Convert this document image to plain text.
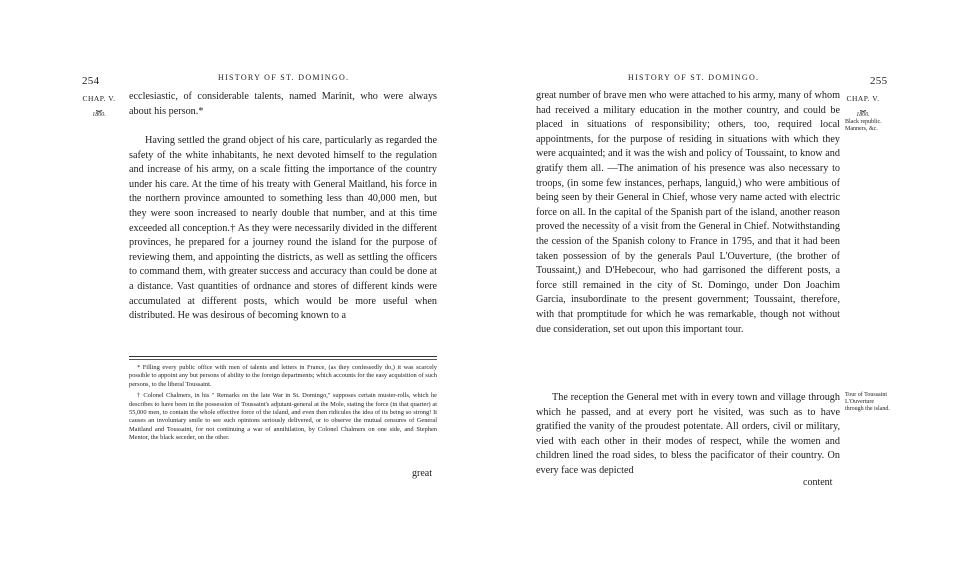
254	HISTORY OF ST. DOMINGO.
CHAP. V.
⏟
1800.

ecclesiastic, of considerable talents, named Marinit, who were always about his person.*

Having settled the grand object of his care, particularly as regarded the safety of the white inhabitants, he next devoted himself to the regulation and increase of his army, on a scale fitting the importance of the country under his care. At the time of his treaty with General Maitland, his force in the northern province amounted to something less than 40,000 men, but they were soon increased to nearly double that number, and at this time exceeded all conception.† As they were necessarily divided in the different provinces, he prepared for a journey round the island for the purpose of reviewing them, and appointing the districts, as well as settling the officers to command them, with greater success and accuracy than could be done at a distance. Vast quantities of ordnance and stores of different kinds were accumulated at different posts, which would be more useful when distributed. He was desirous of becoming known to a

* Filling every public office with men of talents and letters in France, (as they confessedly do,) it was scarcely possible to appoint any but persons of ability to the foreign departments; which accounts for the easy acquisition of such persons, to the liberal Toussaint.

† Colonel Chalmers, in his " Remarks on the late War in St. Domingo," supposes certain muster-rolls, which he describes to have been in the possession of Toussaint's adjutant-general at the Mole, stating the force (in that quarter) at 55,000 men, to contain the whole effective force of the island, and even then ridicules the idea of its being so strong! It causes an involuntary smile to see such opinions seriously delivered, or to observe the mutual censures of General Maitland and Toussaint, for not continuing a war of annihilation, by Colonel Chalmers on one side, and Stephen Mentor, the black seceder, on the other.

great
HISTORY OF ST. DOMINGO.	255
CHAP. V.
⏟
1800.
Black republic. Manners, &c.
Tour of Toussaint L'Ouverture through the island.

great number of brave men who were attached to his army, many of whom had received a military education in the mother country, and could be placed in situations of responsibility; others, too, required local appointments, for the purpose of residing in situations with which they were acquainted; and it was the wish and policy of Toussaint, to know and gratify them all. —The animation of his presence was also necessary to troops, (in some few instances, perhaps, languid,) who were ambitious of being seen by their General in Chief, whose very name acted with electric force on all. In the capital of the Spanish part of the island, another reason proved the necessity of a visit from the General in Chief. Notwithstanding the cession of the Spanish colony to France in 1795, and that it had been taken possession of by the generals Paul L'Ouverture, (the brother of Toussaint,) and D'Hebecour, who had garrisoned the different posts, a force still remained in the city of St. Domingo, under Don Joachim Garcia, insubordinate to the present government; Toussaint, therefore, with that promptitude for which he was remarkable, though not without due consideration, set out upon this important tour.

The reception the General met with in every town and village through which he passed, and at every port he visited, was such as to have gratified the vanity of the proudest potentate. All orders, civil or military, vied with each other in their modes of respect, while the women and children lined the road sides, to bless the pacificator of their country. On every face was depicted

content
